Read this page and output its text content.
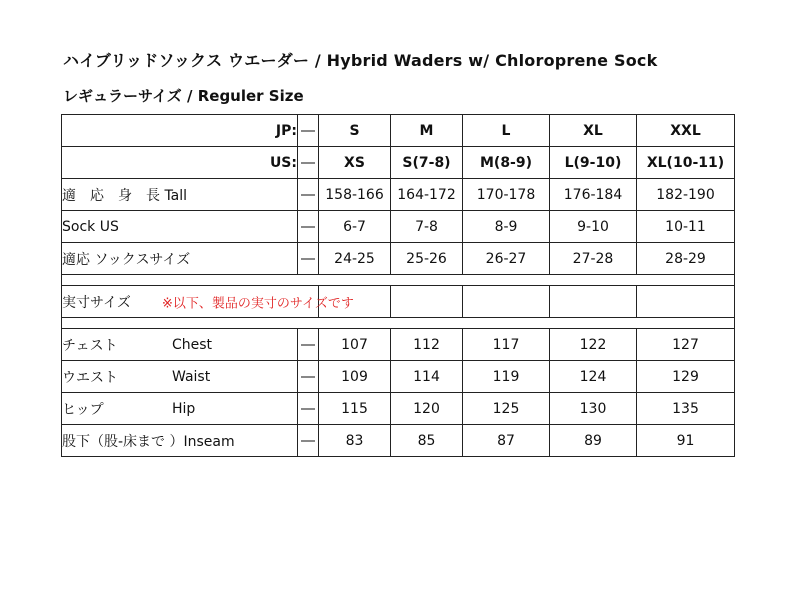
ハイブリッドソックス ウエーダー / Hybrid Waders w/ Chloroprene Sock
レギュラーサイズ / Reguler Size
JP:	―	S	M	L	XL	XXL
US:	―	XS	S(7-8)	M(8-9)	L(9-10)	XL(10-11)
適　応　身　長 Tall	―	158-166	164-172	170-178	176-184	182-190
Sock US	―	6-7	7-8	8-9	9-10	10-11
適応 ソックスサイズ	―	24-25	25-26	26-27	27-28	28-29

実寸サイズ ※以下、製品の実寸のサイズです						

チェスト Chest	―	107	112	117	122	127

ウエスト Waist	―	109	114	119	124	129

ヒップ Hip	―	115	120	125	130	135
股下（股-床まで ）Inseam	―	83	85	87	89	91
